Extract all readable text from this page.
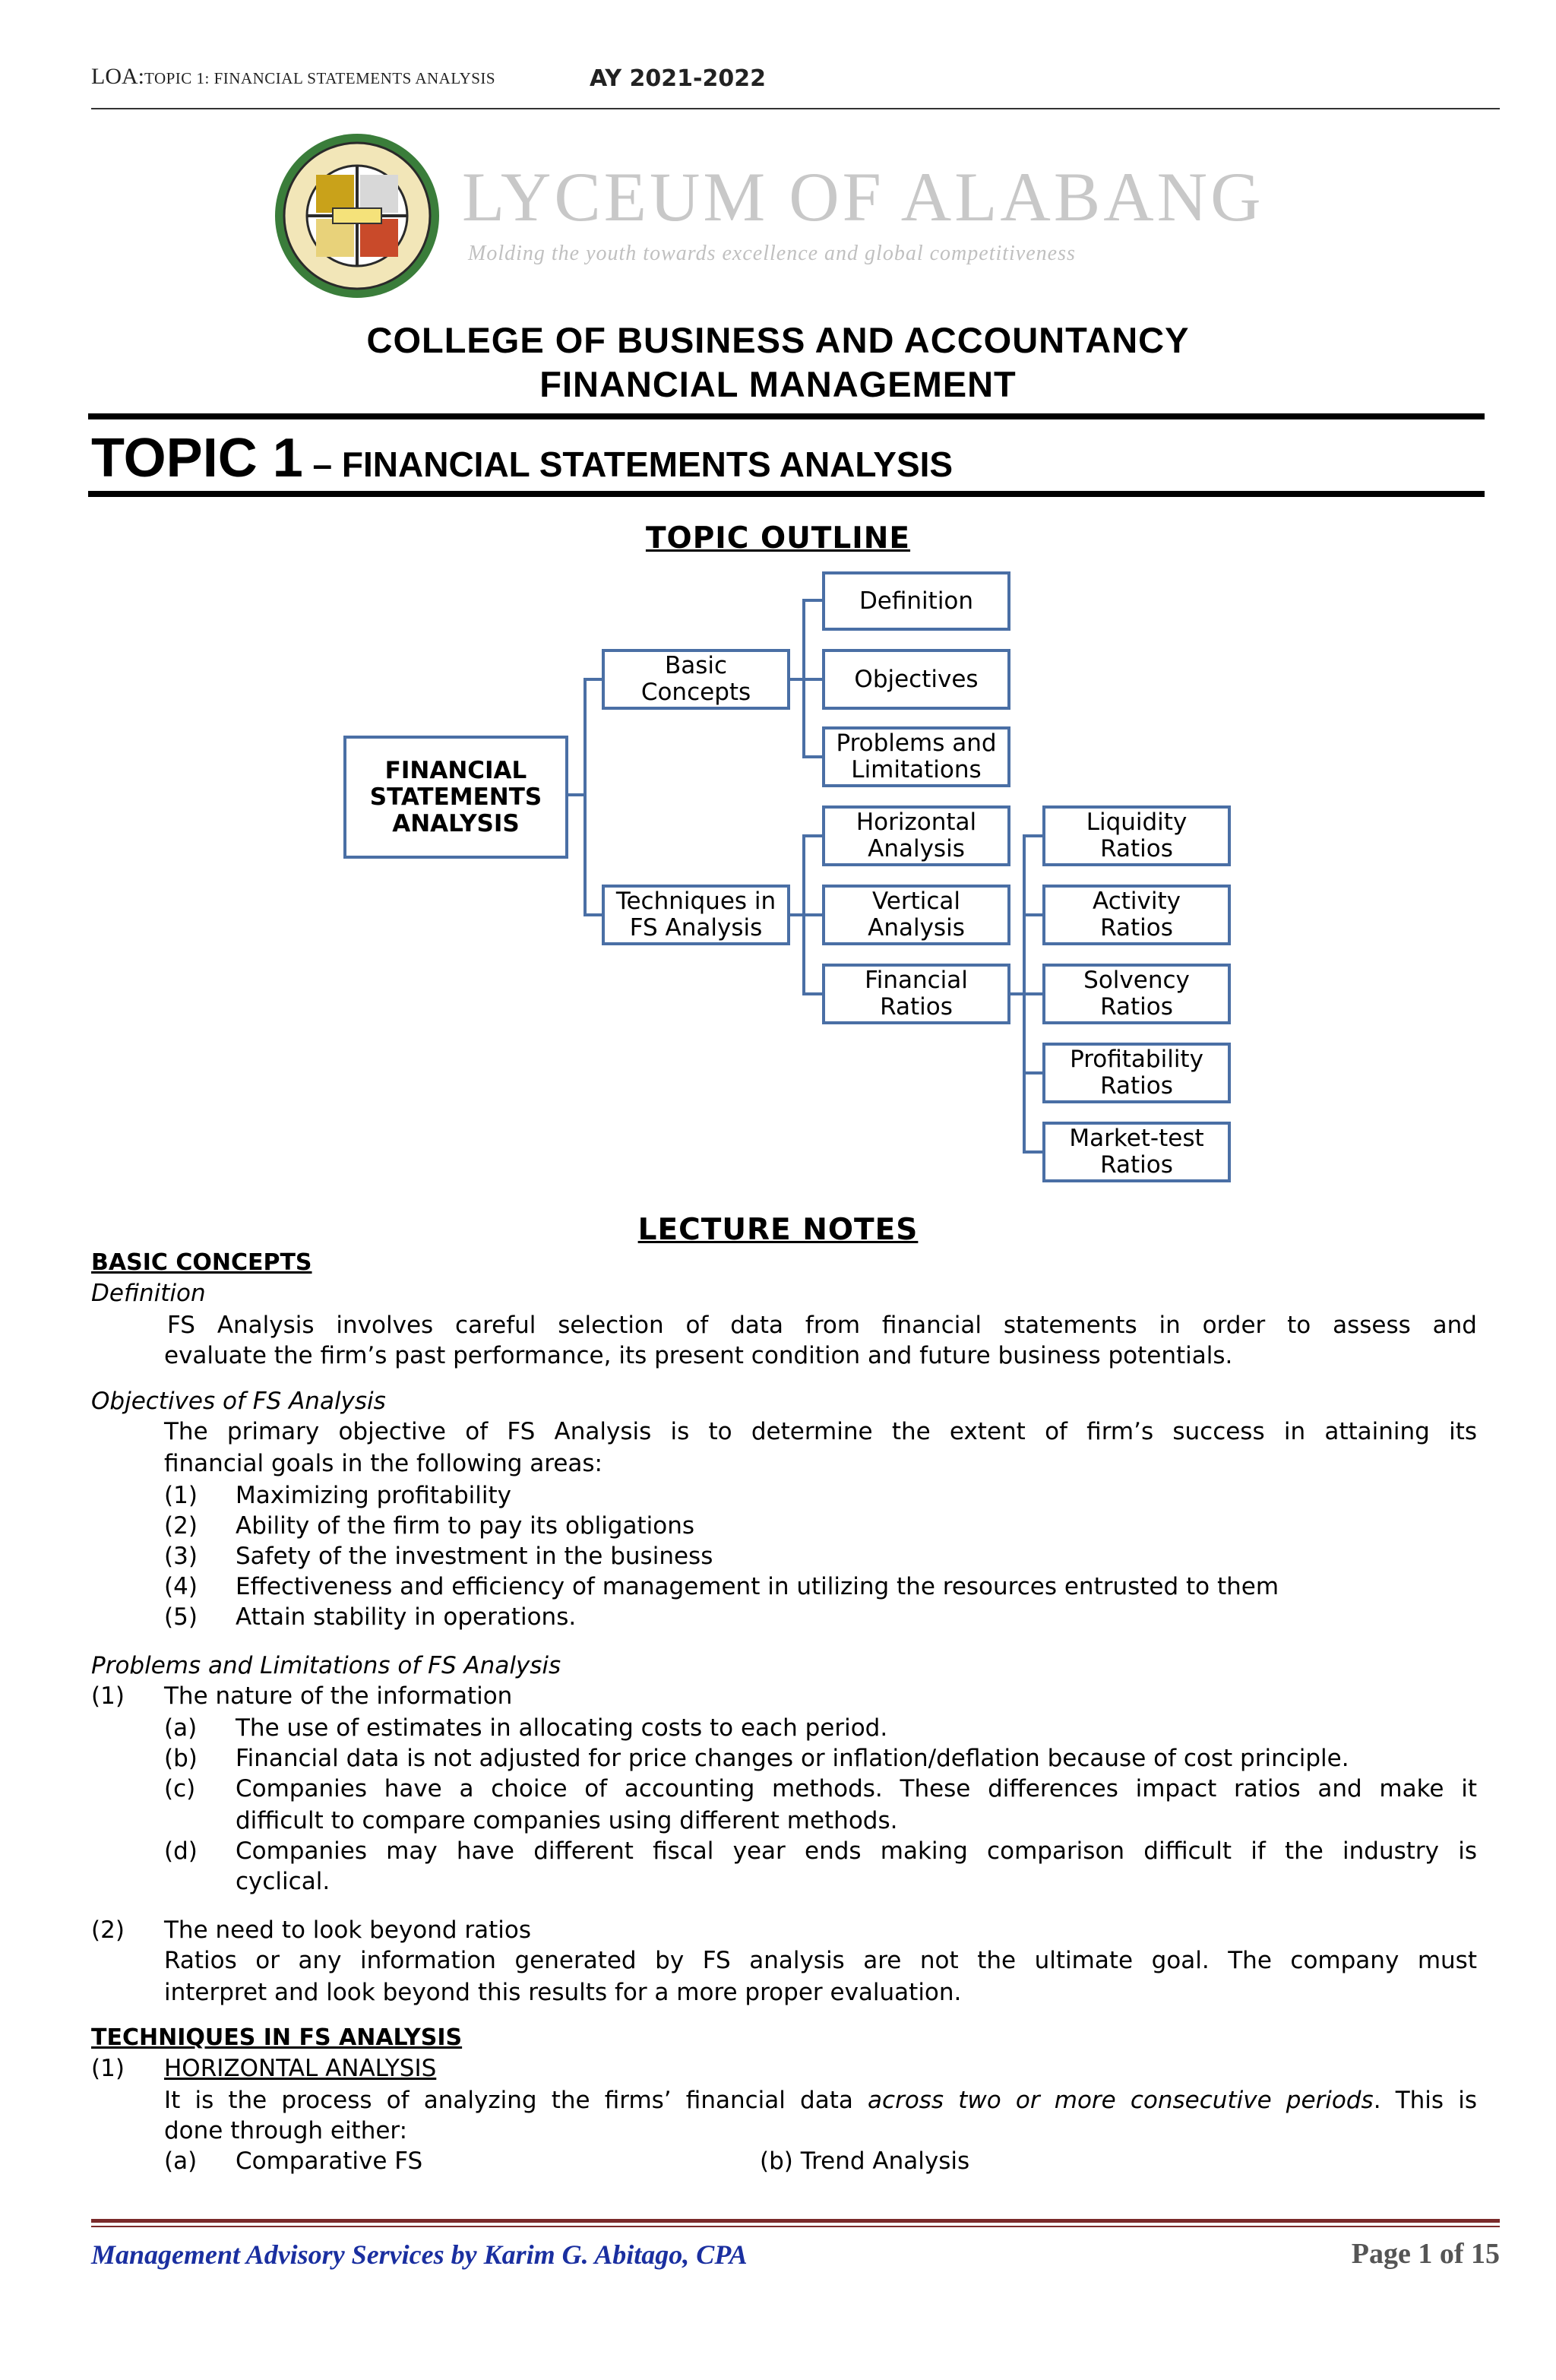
LOA:TOPIC 1: FINANCIAL STATEMENTS ANALYSIS	AY 2021-2022
LYCEUM OF ALABANG
Molding the youth towards excellence and global competitiveness
COLLEGE OF BUSINESS AND ACCOUNTANCY
FINANCIAL MANAGEMENT
TOPIC 1 – FINANCIAL STATEMENTS ANALYSIS
TOPIC OUTLINE
FINANCIAL
STATEMENTS
ANALYSIS
Basic
Concepts
Techniques in
FS Analysis
Definition
Objectives
Problems and
Limitations
Horizontal
Analysis
Vertical
Analysis
Financial
Ratios
Liquidity
Ratios
Activity
Ratios
Solvency
Ratios
Profitability
Ratios
Market-test
Ratios
LECTURE NOTES
BASIC CONCEPTS
Definition
FS Analysis involves careful selection of data from financial statements in order to assess and
evaluate the firm’s past performance, its present condition and future business potentials.
Objectives of FS Analysis
The primary objective of FS Analysis is to determine the extent of firm’s success in attaining its
financial goals in the following areas:
(1) Maximizing profitability
(2) Ability of the firm to pay its obligations
(3) Safety of the investment in the business
(4) Effectiveness and efficiency of management in utilizing the resources entrusted to them
(5) Attain stability in operations.
Problems and Limitations of FS Analysis
(1) The nature of the information
(a) The use of estimates in allocating costs to each period.
(b) Financial data is not adjusted for price changes or inflation/deflation because of cost principle.
(c) Companies have a choice of accounting methods. These differences impact ratios and make it
difficult to compare companies using different methods.
(d) Companies may have different fiscal year ends making comparison difficult if the industry is
cyclical.
(2) The need to look beyond ratios
Ratios or any information generated by FS analysis are not the ultimate goal. The company must
interpret and look beyond this results for a more proper evaluation.
TECHNIQUES IN FS ANALYSIS
(1) HORIZONTAL ANALYSIS
It is the process of analyzing the firms’ financial data across two or more consecutive periods. This is
done through either:
(a) Comparative FS	(b) Trend Analysis
Management Advisory Services by Karim G. Abitago, CPA	Page 1 of 15
